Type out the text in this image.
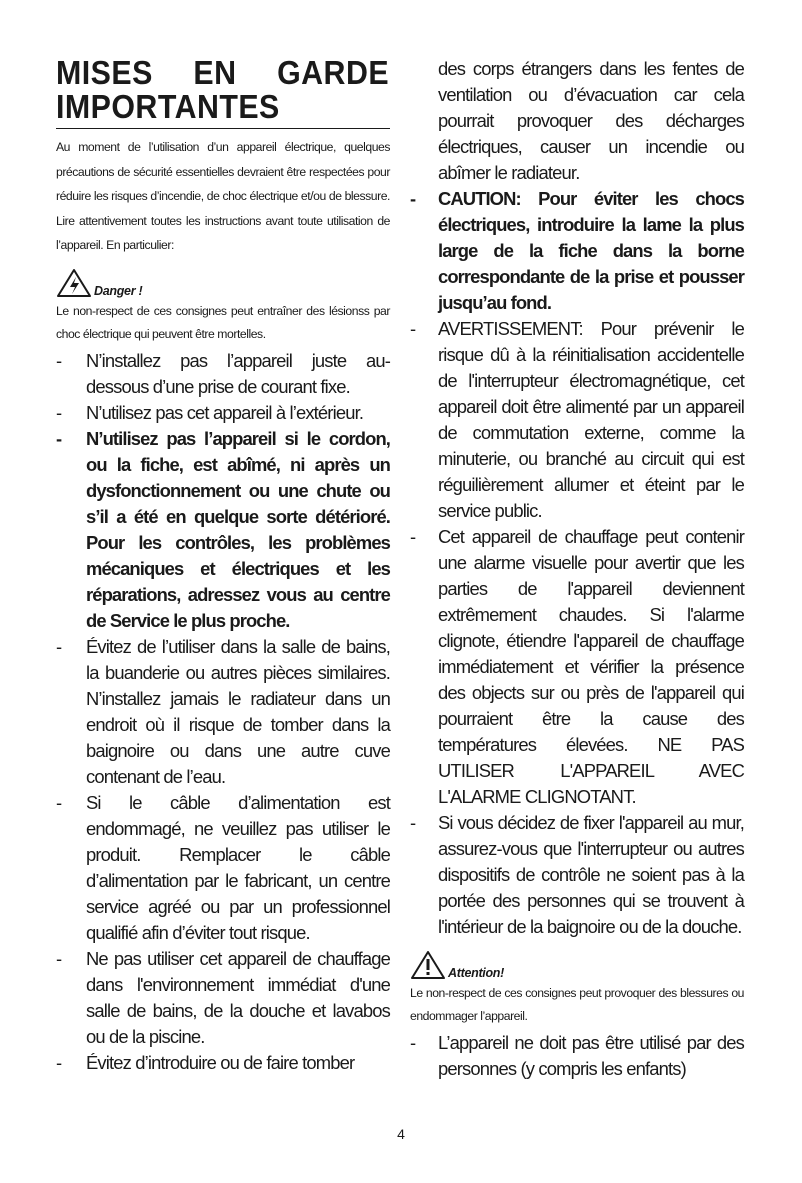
MISES EN GARDE
IMPORTANTES

Au moment de l’utilisation d’un appareil électrique, quelques précautions de sécurité essentielles devraient être respectées pour réduire les risques d’incendie, de choc électrique et/ou de blessure. Lire attentivement toutes les instructions avant toute utilisation de l’appareil. En particulier:

Danger !

Le non-respect de ces consignes peut entraîner des lésionss par choc électrique qui peuvent être mortelles.

- N’installez pas l’appareil juste au-dessous d’une prise de courant fixe.
- N’utilisez pas cet appareil à l’extérieur.
- N’utilisez pas l’appareil si le cordon, ou la fiche, est abîmé, ni après un dysfonctionnement ou une chute ou s’il a été en quelque sorte détérioré. Pour les contrôles, les problèmes mécaniques et électriques et les réparations, adressez vous au centre de Service le plus proche.
- Évitez de l’utiliser dans la salle de bains, la buanderie ou autres pièces similaires. N’installez jamais le radiateur dans un endroit où il risque de tomber dans la baignoire ou dans une autre cuve contenant de l’eau.
- Si le câble d’alimentation est endommagé, ne veuillez pas utiliser le produit. Remplacer le câble d’alimentation par le fabricant, un centre service agréé ou par un professionnel qualifié afin d’éviter tout risque.
- Ne pas utiliser cet appareil de chauffage dans l'environnement immédiat d'une salle de bains, de la douche et lavabos ou de la piscine.
- Évitez d’introduire ou de faire tomber
des corps étrangers dans les fentes de ventilation ou d’évacuation car cela pourrait provoquer des décharges électriques, causer un incendie ou abîmer le radiateur.
- CAUTION: Pour éviter les chocs électriques, introduire la lame la plus large de la fiche dans la borne correspondante de la prise et pousser jusqu’au fond.
- AVERTISSEMENT: Pour prévenir le risque dû à la réinitialisation accidentelle de l'interrupteur électromagnétique, cet appareil doit être alimenté par un appareil de commutation externe, comme la minuterie, ou branché au circuit qui est réguilièrement allumer et éteint par le service public.
- Cet appareil de chauffage peut contenir une alarme visuelle pour avertir que les parties de l'appareil deviennent extrêmement chaudes. Si l'alarme clignote, étiendre l'appareil de chauffage immédiatement et vérifier la présence des objects sur ou près de l'appareil qui pourraient être la cause des températures élevées. NE PAS UTILISER L'APPAREIL AVEC L'ALARME CLIGNOTANT.
- Si vous décidez de fixer l'appareil au mur, assurez-vous que l'interrupteur ou autres dispositifs de contrôle ne soient pas à la portée des personnes qui se trouvent à l'intérieur de la baignoire ou de la douche.
Attention!

Le non-respect de ces consignes peut provoquer des blessures ou endommager l’appareil.

- L’appareil ne doit pas être utilisé par des personnes (y compris les enfants)
4
